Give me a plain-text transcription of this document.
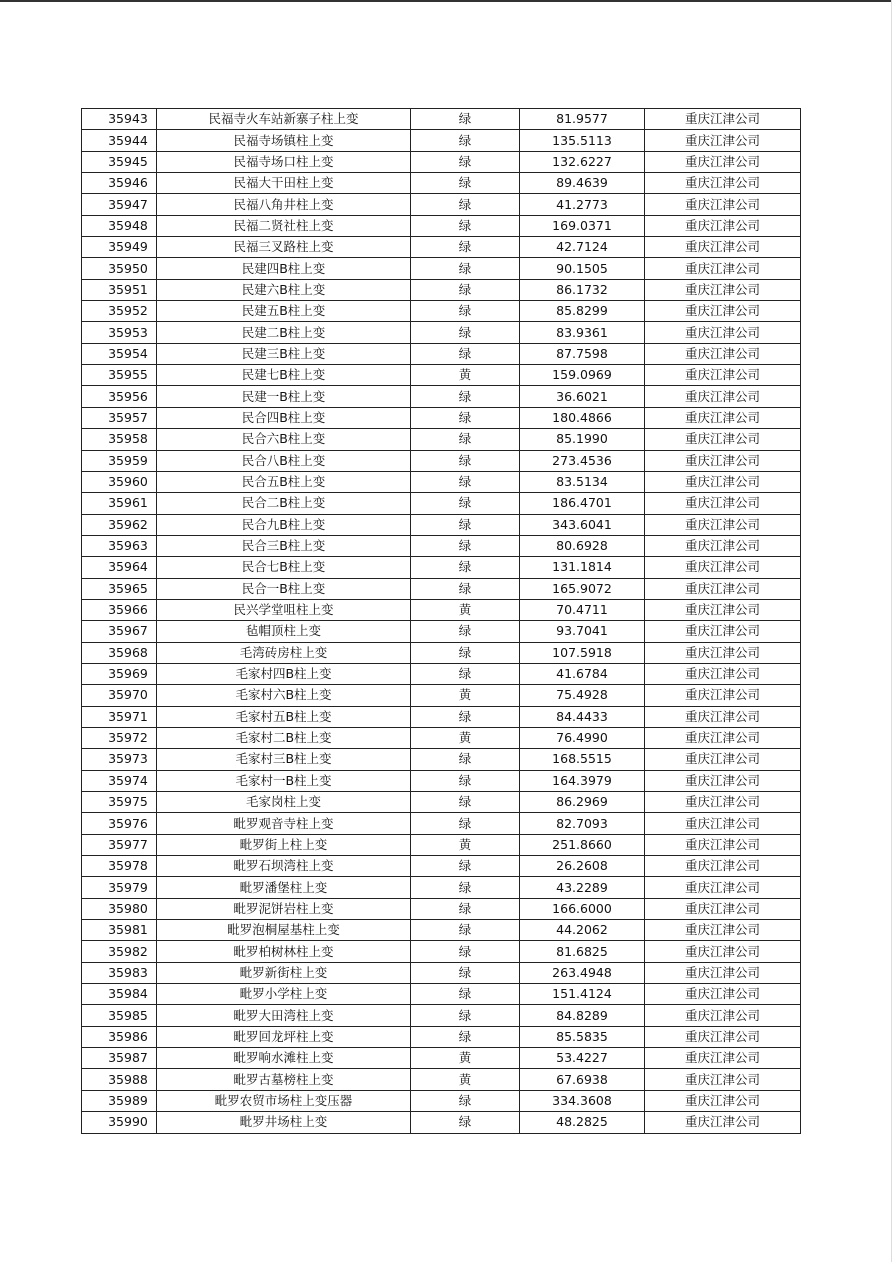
35943	民福寺火车站新寨子柱上变	绿	81.9577	重庆江津公司
35944	民福寺场镇柱上变	绿	135.5113	重庆江津公司
35945	民福寺场口柱上变	绿	132.6227	重庆江津公司
35946	民福大干田柱上变	绿	89.4639	重庆江津公司
35947	民福八角井柱上变	绿	41.2773	重庆江津公司
35948	民福二贤社柱上变	绿	169.0371	重庆江津公司
35949	民福三叉路柱上变	绿	42.7124	重庆江津公司
35950	民建四B柱上变	绿	90.1505	重庆江津公司
35951	民建六B柱上变	绿	86.1732	重庆江津公司
35952	民建五B柱上变	绿	85.8299	重庆江津公司
35953	民建二B柱上变	绿	83.9361	重庆江津公司
35954	民建三B柱上变	绿	87.7598	重庆江津公司
35955	民建七B柱上变	黄	159.0969	重庆江津公司
35956	民建一B柱上变	绿	36.6021	重庆江津公司
35957	民合四B柱上变	绿	180.4866	重庆江津公司
35958	民合六B柱上变	绿	85.1990	重庆江津公司
35959	民合八B柱上变	绿	273.4536	重庆江津公司
35960	民合五B柱上变	绿	83.5134	重庆江津公司
35961	民合二B柱上变	绿	186.4701	重庆江津公司
35962	民合九B柱上变	绿	343.6041	重庆江津公司
35963	民合三B柱上变	绿	80.6928	重庆江津公司
35964	民合七B柱上变	绿	131.1814	重庆江津公司
35965	民合一B柱上变	绿	165.9072	重庆江津公司
35966	民兴学堂咀柱上变	黄	70.4711	重庆江津公司
35967	毡帽顶柱上变	绿	93.7041	重庆江津公司
35968	毛湾砖房柱上变	绿	107.5918	重庆江津公司
35969	毛家村四B柱上变	绿	41.6784	重庆江津公司
35970	毛家村六B柱上变	黄	75.4928	重庆江津公司
35971	毛家村五B柱上变	绿	84.4433	重庆江津公司
35972	毛家村二B柱上变	黄	76.4990	重庆江津公司
35973	毛家村三B柱上变	绿	168.5515	重庆江津公司
35974	毛家村一B柱上变	绿	164.3979	重庆江津公司
35975	毛家岗柱上变	绿	86.2969	重庆江津公司
35976	毗罗观音寺柱上变	绿	82.7093	重庆江津公司
35977	毗罗街上柱上变	黄	251.8660	重庆江津公司
35978	毗罗石坝湾柱上变	绿	26.2608	重庆江津公司
35979	毗罗潘堡柱上变	绿	43.2289	重庆江津公司
35980	毗罗泥饼岩柱上变	绿	166.6000	重庆江津公司
35981	毗罗泡桐屋基柱上变	绿	44.2062	重庆江津公司
35982	毗罗柏树林柱上变	绿	81.6825	重庆江津公司
35983	毗罗新街柱上变	绿	263.4948	重庆江津公司
35984	毗罗小学柱上变	绿	151.4124	重庆江津公司
35985	毗罗大田湾柱上变	绿	84.8289	重庆江津公司
35986	毗罗回龙坪柱上变	绿	85.5835	重庆江津公司
35987	毗罗响水滩柱上变	黄	53.4227	重庆江津公司
35988	毗罗古墓榜柱上变	黄	67.6938	重庆江津公司
35989	毗罗农贸市场柱上变压器	绿	334.3608	重庆江津公司
35990	毗罗井场柱上变	绿	48.2825	重庆江津公司
